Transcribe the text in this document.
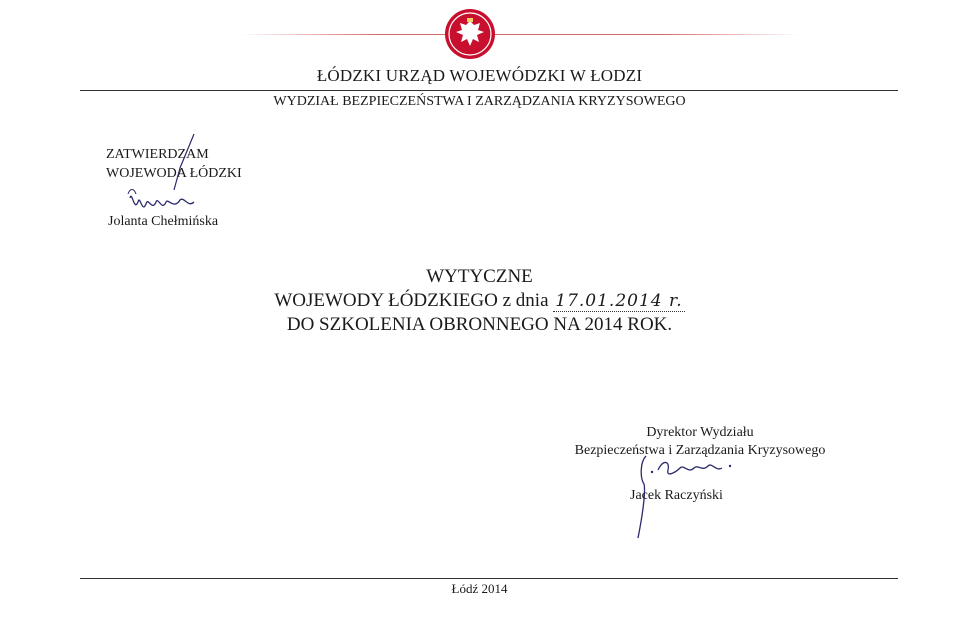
ŁÓDZKI URZĄD WOJEWÓDZKI W ŁODZI
WYDZIAŁ BEZPIECZEŃSTWA I ZARZĄDZANIA KRYZYSOWEGO
ZATWIERDZAM
WOJEWODA ŁÓDZKI
Jolanta Chełmińska
WYTYCZNE
WOJEWODY ŁÓDZKIEGO z dnia 17.01.2014 r.
DO SZKOLENIA OBRONNEGO NA 2014 ROK.
Dyrektor Wydziału
Bezpieczeństwa i Zarządzania Kryzysowego
Jacek Raczyński
Łódź 2014
